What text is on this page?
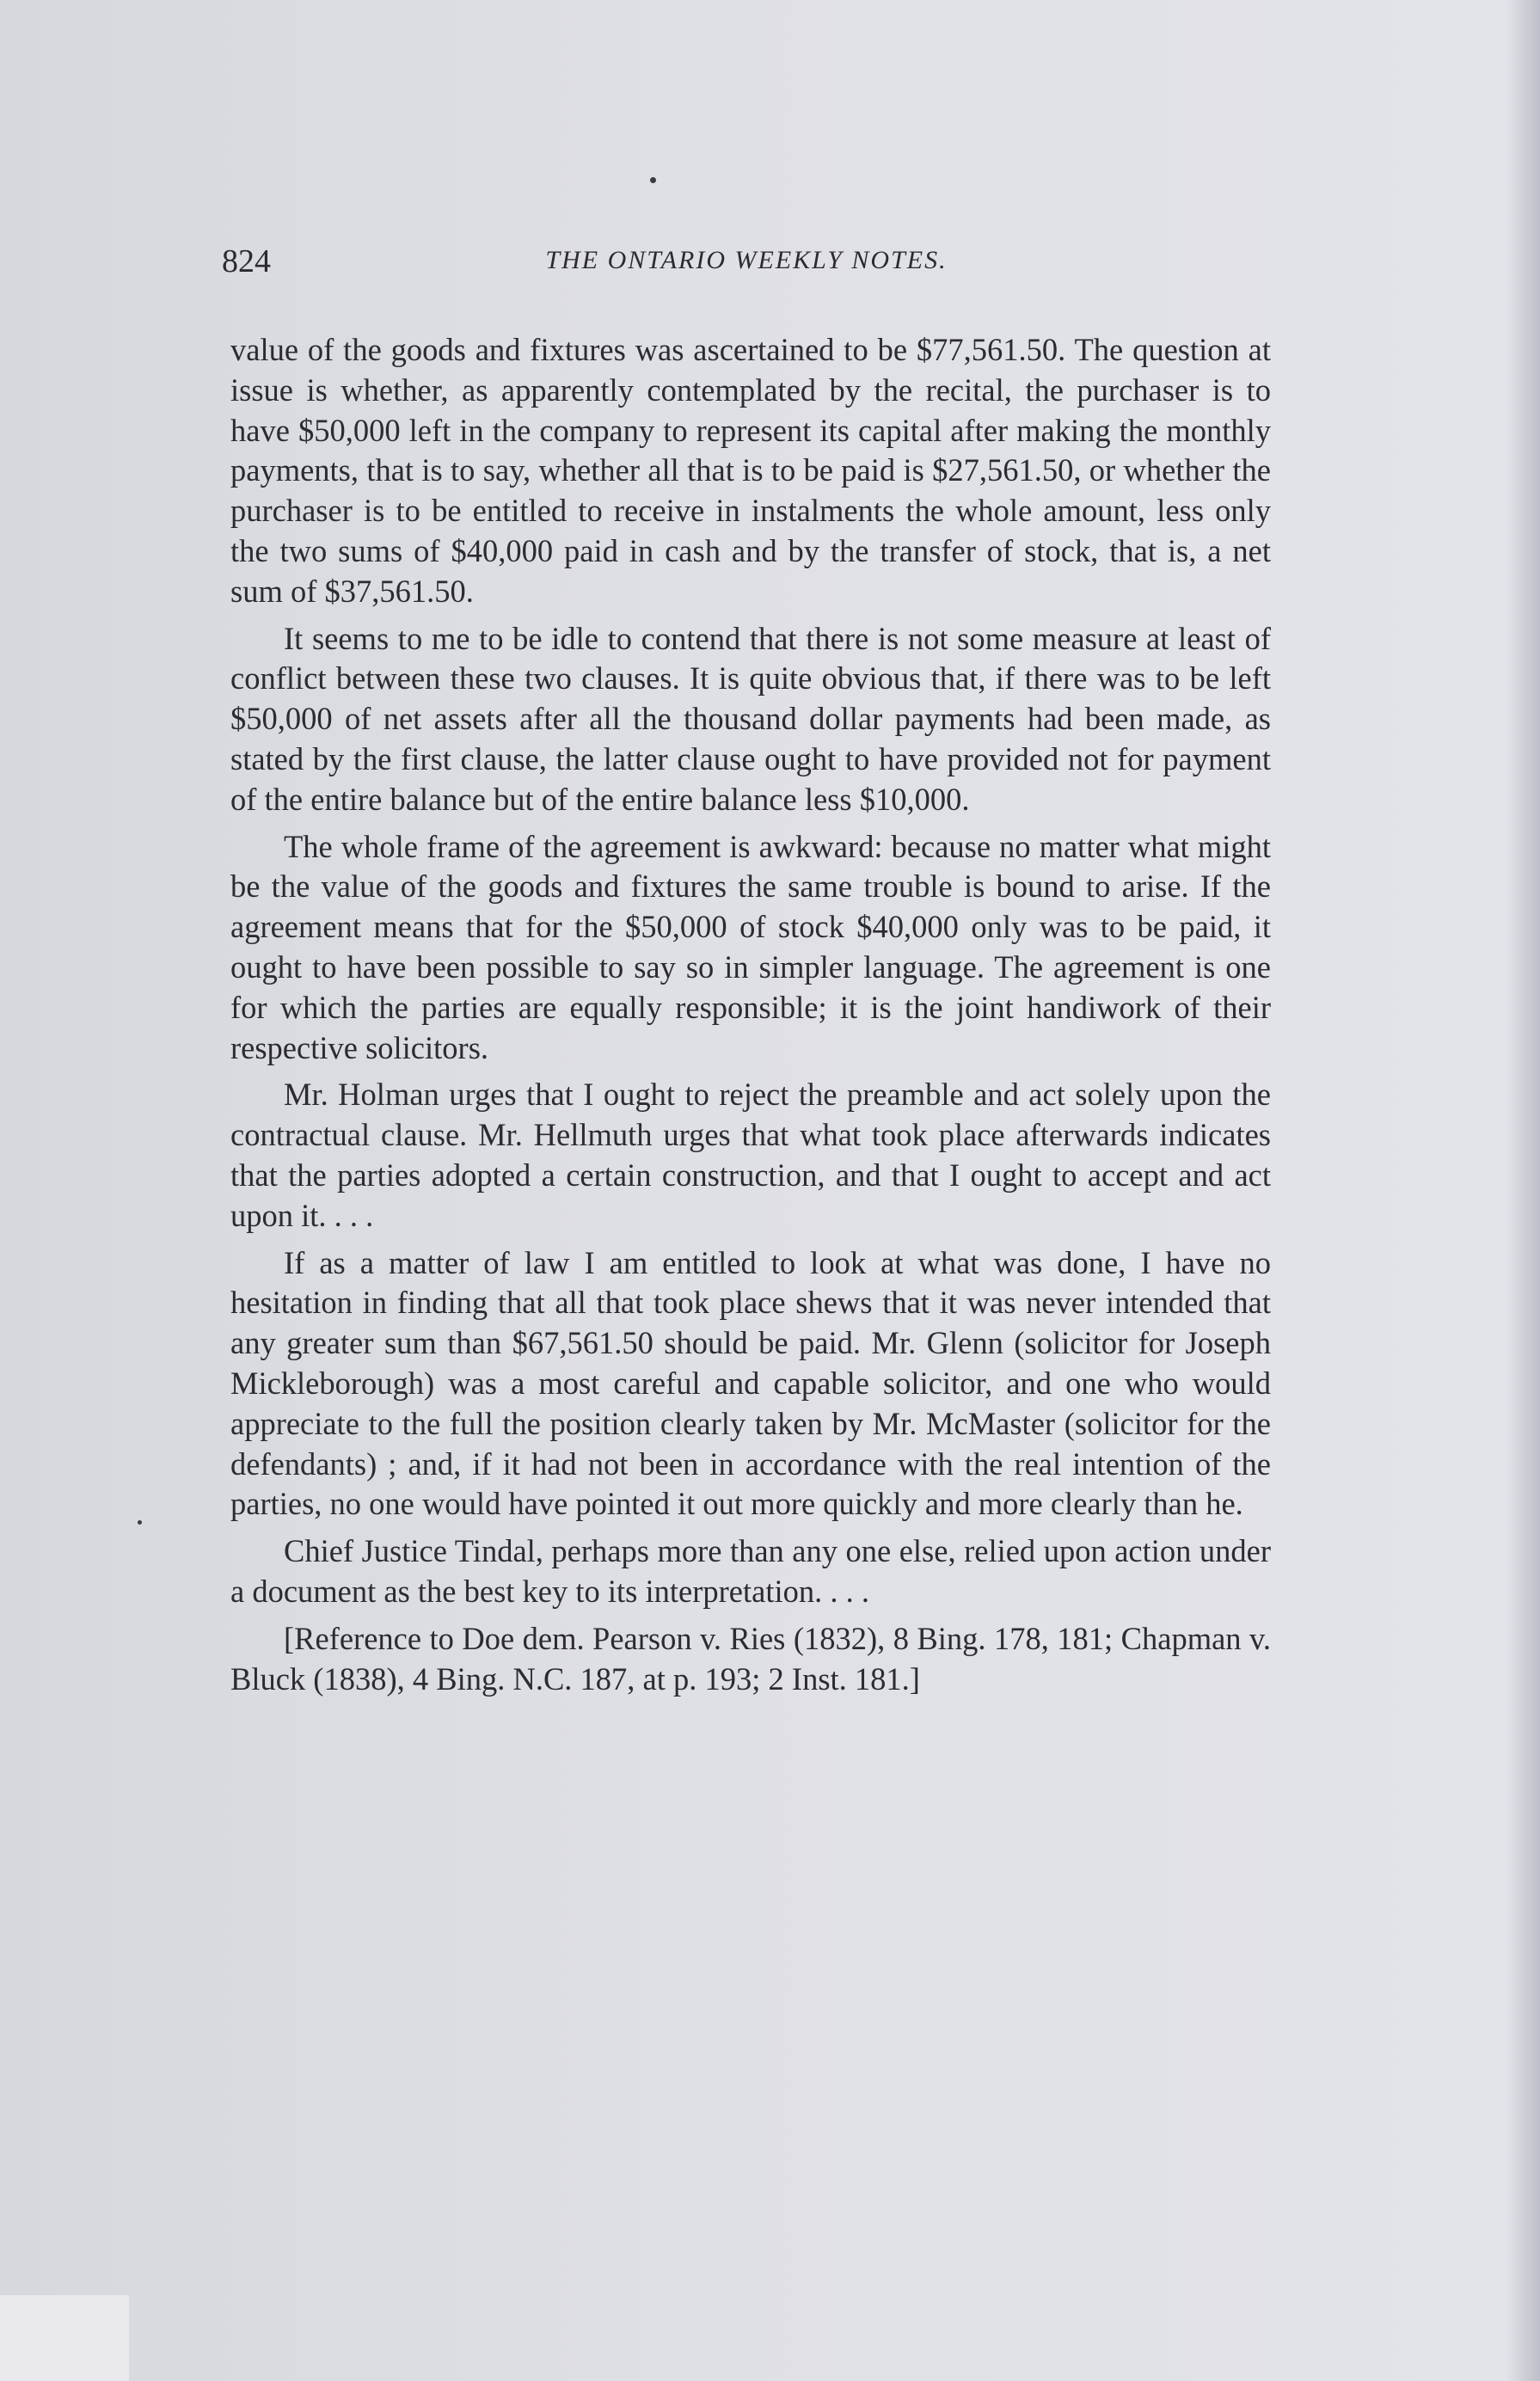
824	THE ONTARIO WEEKLY NOTES.

value of the goods and fixtures was ascertained to be $77,561.50. The question at issue is whether, as apparently contemplated by the recital, the purchaser is to have $50,000 left in the company to represent its capital after making the monthly payments, that is to say, whether all that is to be paid is $27,561.50, or whether the purchaser is to be entitled to receive in instalments the whole amount, less only the two sums of $40,000 paid in cash and by the transfer of stock, that is, a net sum of $37,561.50.

It seems to me to be idle to contend that there is not some measure at least of conflict between these two clauses. It is quite obvious that, if there was to be left $50,000 of net assets after all the thousand dollar payments had been made, as stated by the first clause, the latter clause ought to have provided not for payment of the entire balance but of the entire balance less $10,000.

The whole frame of the agreement is awkward: because no matter what might be the value of the goods and fixtures the same trouble is bound to arise. If the agreement means that for the $50,000 of stock $40,000 only was to be paid, it ought to have been possible to say so in simpler language. The agreement is one for which the parties are equally responsible; it is the joint handiwork of their respective solicitors.

Mr. Holman urges that I ought to reject the preamble and act solely upon the contractual clause. Mr. Hellmuth urges that what took place afterwards indicates that the parties adopted a certain construction, and that I ought to accept and act upon it. . . .

If as a matter of law I am entitled to look at what was done, I have no hesitation in finding that all that took place shews that it was never intended that any greater sum than $67,561.50 should be paid. Mr. Glenn (solicitor for Joseph Mickleborough) was a most careful and capable solicitor, and one who would appreciate to the full the position clearly taken by Mr. McMaster (solicitor for the defendants) ; and, if it had not been in accordance with the real intention of the parties, no one would have pointed it out more quickly and more clearly than he.

Chief Justice Tindal, perhaps more than any one else, relied upon action under a document as the best key to its interpretation. . . .

[Reference to Doe dem. Pearson v. Ries (1832), 8 Bing. 178, 181; Chapman v. Bluck (1838), 4 Bing. N.C. 187, at p. 193; 2 Inst. 181.]
